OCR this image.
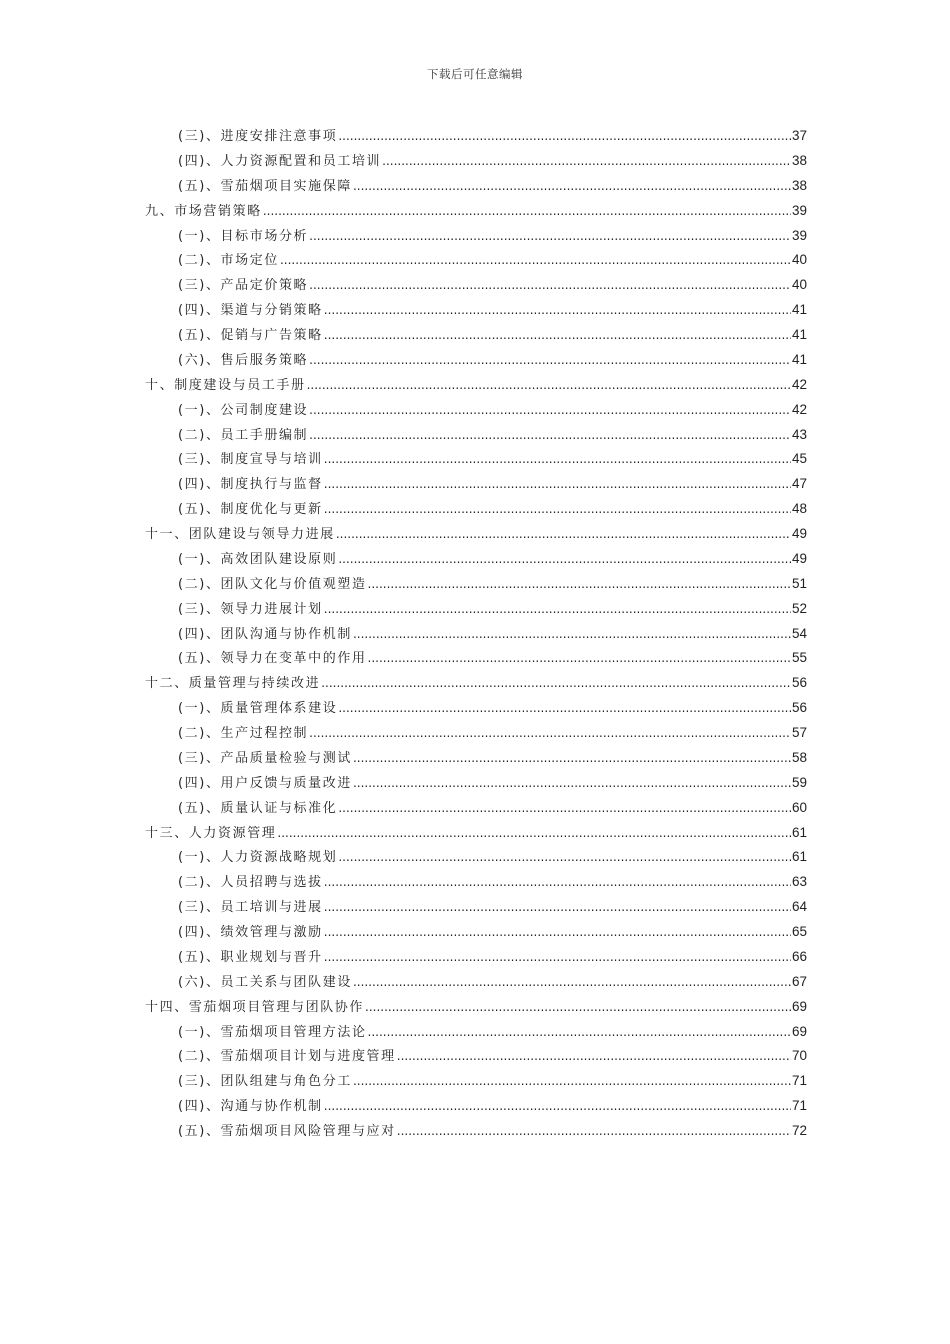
下载后可任意编辑
(三)、进度安排注意事项 .....	37
(四)、人力资源配置和员工培训 .....	38
(五)、雪茄烟项目实施保障 .....	38
九、市场营销策略 .....	39
(一)、目标市场分析 .....	39
(二)、市场定位 .....	40
(三)、产品定价策略 .....	40
(四)、渠道与分销策略 .....	41
(五)、促销与广告策略 .....	41
(六)、售后服务策略 .....	41
十、制度建设与员工手册 .....	42
(一)、公司制度建设 .....	42
(二)、员工手册编制 .....	43
(三)、制度宣导与培训 .....	45
(四)、制度执行与监督 .....	47
(五)、制度优化与更新 .....	48
十一、团队建设与领导力进展 .....	49
(一)、高效团队建设原则 .....	49
(二)、团队文化与价值观塑造 .....	51
(三)、领导力进展计划 .....	52
(四)、团队沟通与协作机制 .....	54
(五)、领导力在变革中的作用 .....	55
十二、质量管理与持续改进 .....	56
(一)、质量管理体系建设 .....	56
(二)、生产过程控制 .....	57
(三)、产品质量检验与测试 .....	58
(四)、用户反馈与质量改进 .....	59
(五)、质量认证与标准化 .....	60
十三、人力资源管理 .....	61
(一)、人力资源战略规划 .....	61
(二)、人员招聘与选拔 .....	63
(三)、员工培训与进展 .....	64
(四)、绩效管理与激励 .....	65
(五)、职业规划与晋升 .....	66
(六)、员工关系与团队建设 .....	67
十四、雪茄烟项目管理与团队协作 .....	69
(一)、雪茄烟项目管理方法论 .....	69
(二)、雪茄烟项目计划与进度管理 .....	70
(三)、团队组建与角色分工 .....	71
(四)、沟通与协作机制 .....	71
(五)、雪茄烟项目风险管理与应对 .....	72
